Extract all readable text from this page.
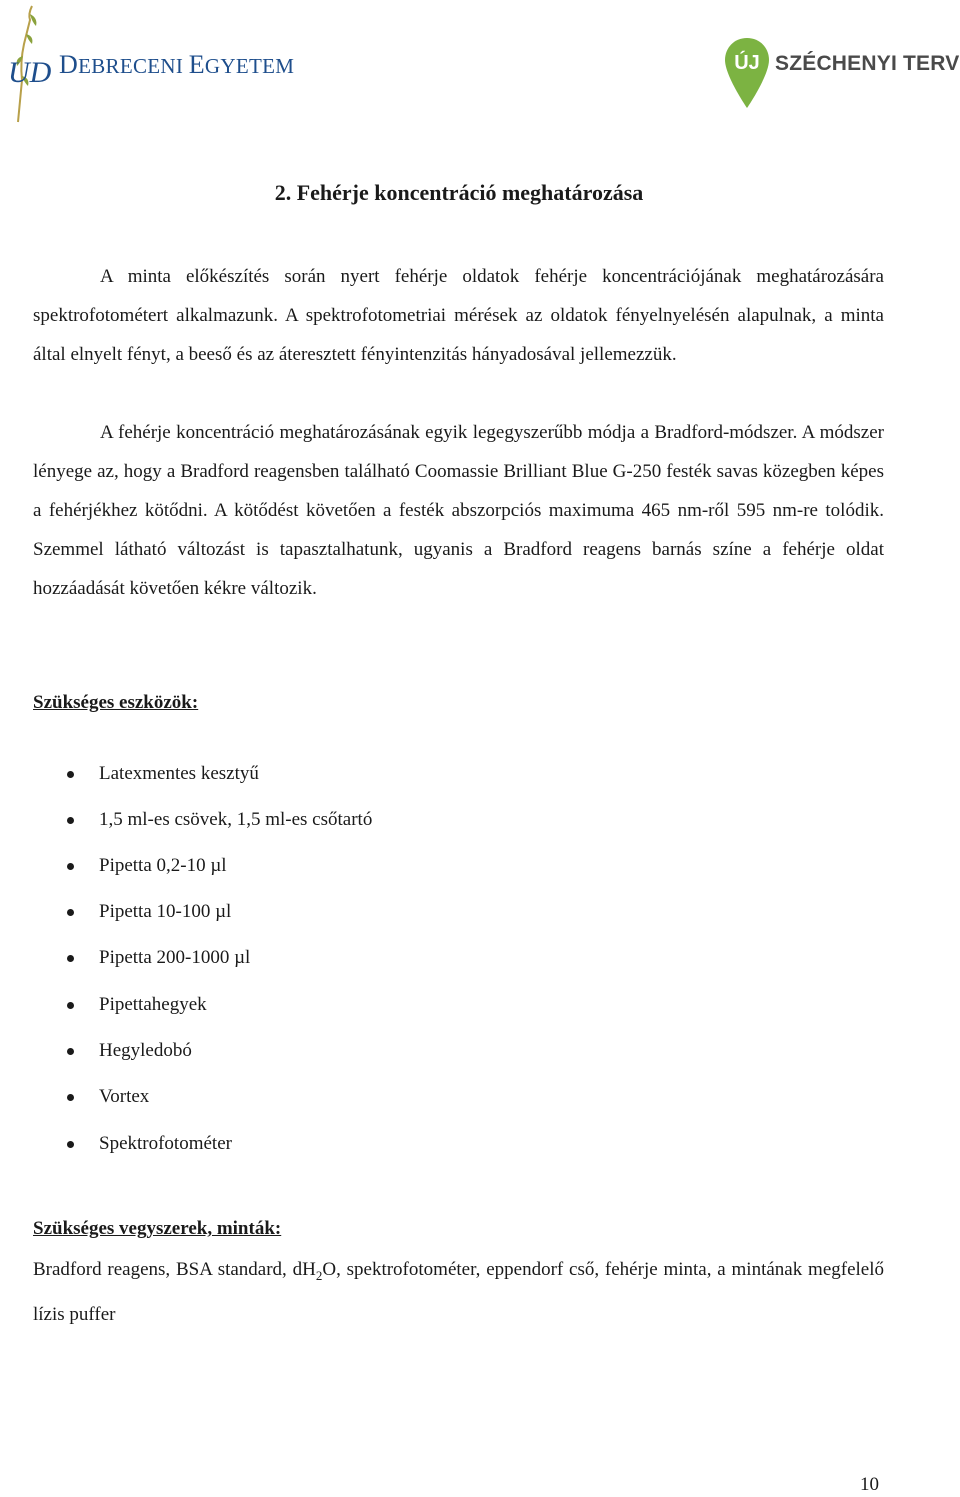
UD DEBRECENI EGYETEM	ÚJ SZÉCHENYI TERV
2. Fehérje koncentráció meghatározása

A minta előkészítés során nyert fehérje oldatok fehérje koncentrációjának meghatározására spektrofotométert alkalmazunk. A spektrofotometriai mérések az oldatok fényelnyelésén alapulnak, a minta által elnyelt fényt, a beeső és az áteresztett fényintenzitás hányadosával jellemezzük.

A fehérje koncentráció meghatározásának egyik legegyszerűbb módja a Bradford-módszer. A módszer lényege az, hogy a Bradford reagensben található Coomassie Brilliant Blue G-250 festék savas közegben képes a fehérjékhez kötődni. A kötődést követően a festék abszorpciós maximuma 465 nm-ről 595 nm-re tolódik. Szemmel látható változást is tapasztalhatunk, ugyanis a Bradford reagens barnás színe a fehérje oldat hozzáadását követően kékre változik.

Szükséges eszközök:
Latexmentes kesztyű
1,5 ml-es csövek, 1,5 ml-es csőtartó
Pipetta 0,2-10 µl
Pipetta 10-100 µl
Pipetta 200-1000 µl
Pipettahegyek
Hegyledobó
Vortex
Spektrofotométer
Szükséges vegyszerek, minták:

Bradford reagens, BSA standard, $dH_2O$, spektrofotométer, eppendorf cső, fehérje minta, a mintának megfelelő lízis puffer

10
